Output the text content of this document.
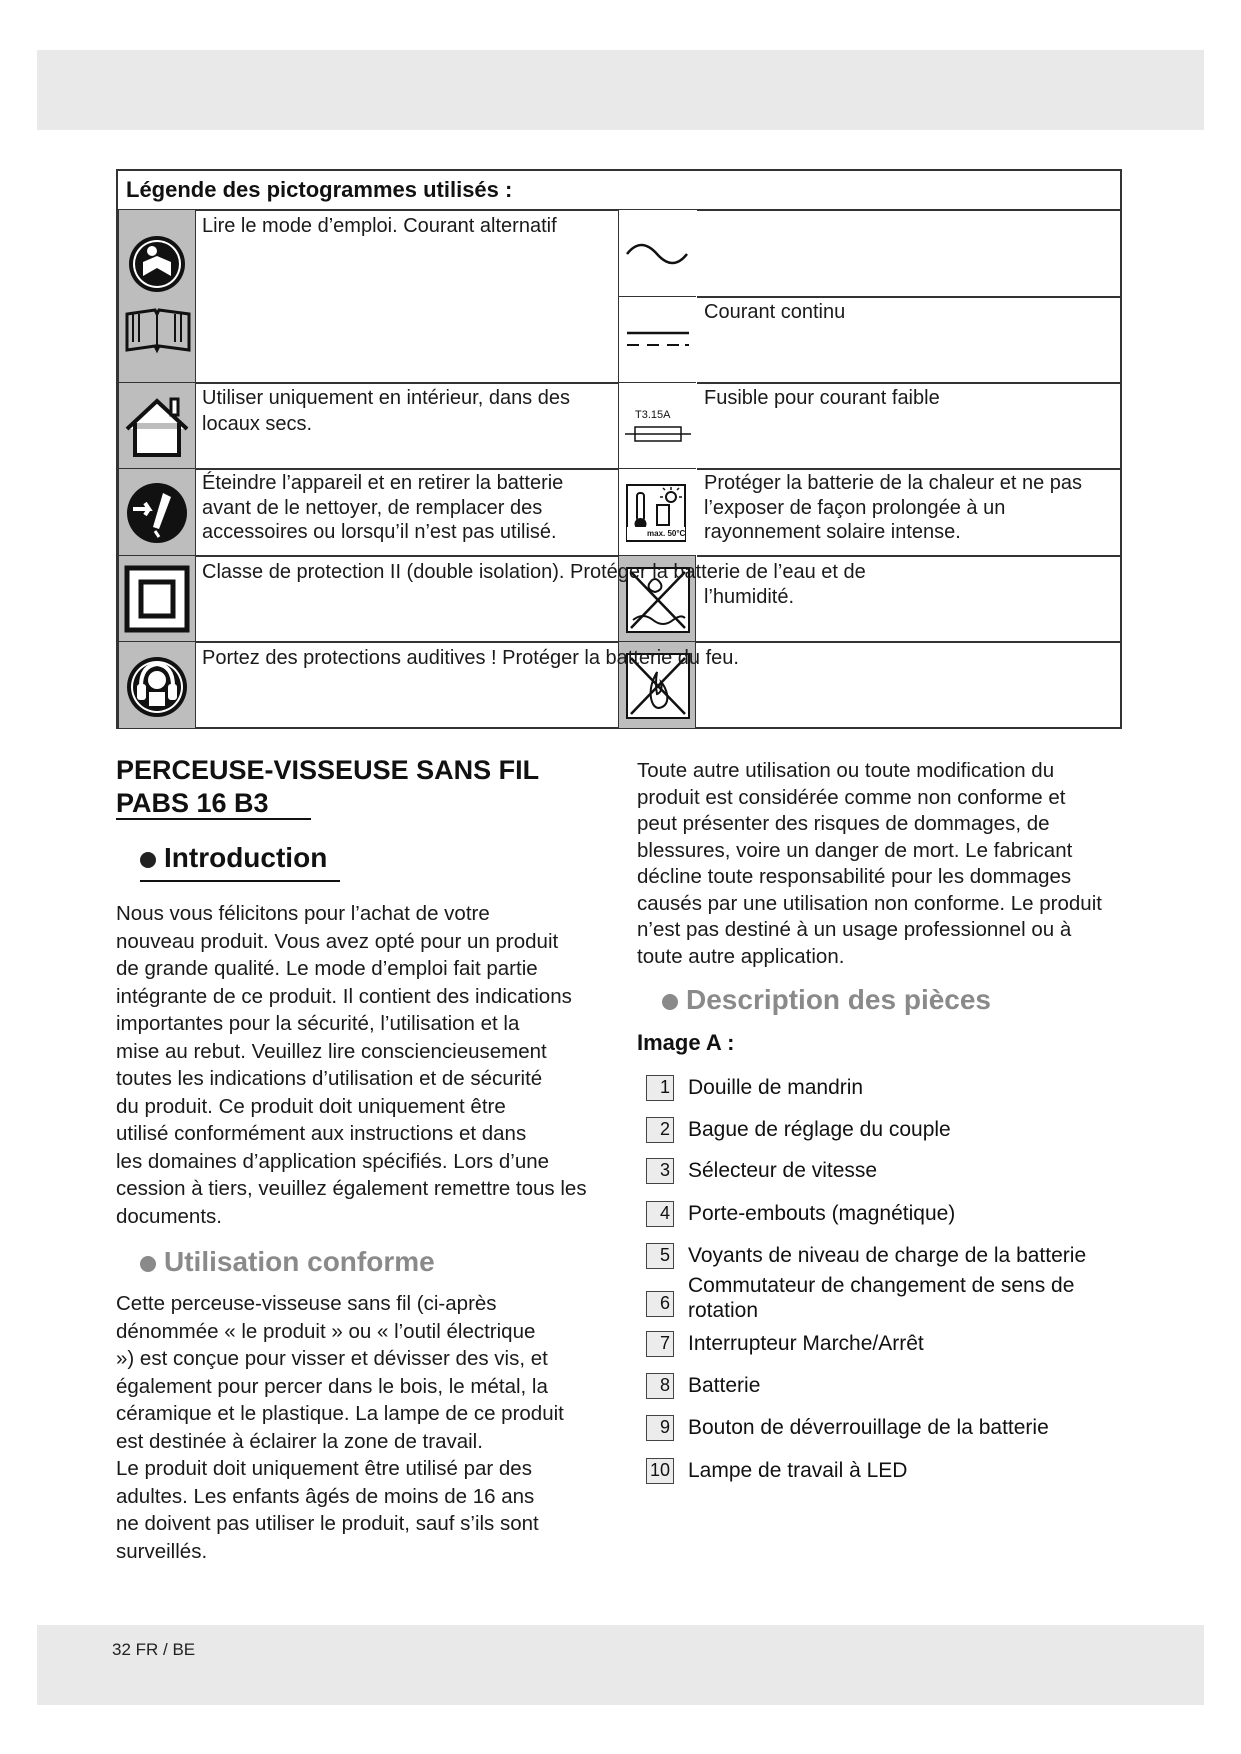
Légende des pictogrammes utilisés :
T3.15A
max. 50°C
Lire le mode d’emploi. Courant alternatif
Courant continu
Utiliser uniquement en intérieur, dans des locaux secs.
Fusible pour courant faible
Éteindre l’appareil et en retirer la batterie avant de le nettoyer, de remplacer des accessoires ou lorsqu’il n’est pas utilisé.
Protéger la batterie de la chaleur et ne pas l’exposer de façon prolongée à un rayonnement solaire intense.
Classe de protection II (double isolation). Protéger la batterie de l’eau et de
l’humidité.
Portez des protections auditives ! Protéger la batterie du feu.
PERCEUSE-VISSEUSE SANS FIL
PABS 16 B3
Introduction
Nous vous félicitons pour l’achat de votre
nouveau produit. Vous avez opté pour un produit
de grande qualité. Le mode d’emploi fait partie
intégrante de ce produit. Il contient des indications
importantes pour la sécurité, l’utilisation et la
mise au rebut. Veuillez lire consciencieusement
toutes les indications d’utilisation et de sécurité
du produit. Ce produit doit uniquement être
utilisé conformément aux instructions et dans
les domaines d’application spécifiés. Lors d’une
cession à tiers, veuillez également remettre tous les
documents.
Utilisation conforme
Cette perceuse-visseuse sans fil (ci-après
dénommée « le produit » ou « l’outil électrique
») est conçue pour visser et dévisser des vis, et
également pour percer dans le bois, le métal, la
céramique et le plastique. La lampe de ce produit
est destinée à éclairer la zone de travail.
Le produit doit uniquement être utilisé par des
adultes. Les enfants âgés de moins de 16 ans
ne doivent pas utiliser le produit, sauf s’ils sont
surveillés.
Toute autre utilisation ou toute modification du
produit est considérée comme non conforme et
peut présenter des risques de dommages, de
blessures, voire un danger de mort. Le fabricant
décline toute responsabilité pour les dommages
causés par une utilisation non conforme. Le produit
n’est pas destiné à un usage professionnel ou à
toute autre application.
Description des pièces
Image A :
1 Douille de mandrin
2 Bague de réglage du couple
3 Sélecteur de vitesse
4 Porte-embouts (magnétique)
5 Voyants de niveau de charge de la batterie
6
Commutateur de changement de sens de rotation
7 Interrupteur Marche/Arrêt
8 Batterie
9 Bouton de déverrouillage de la batterie
10 Lampe de travail à LED
32 FR / BE
